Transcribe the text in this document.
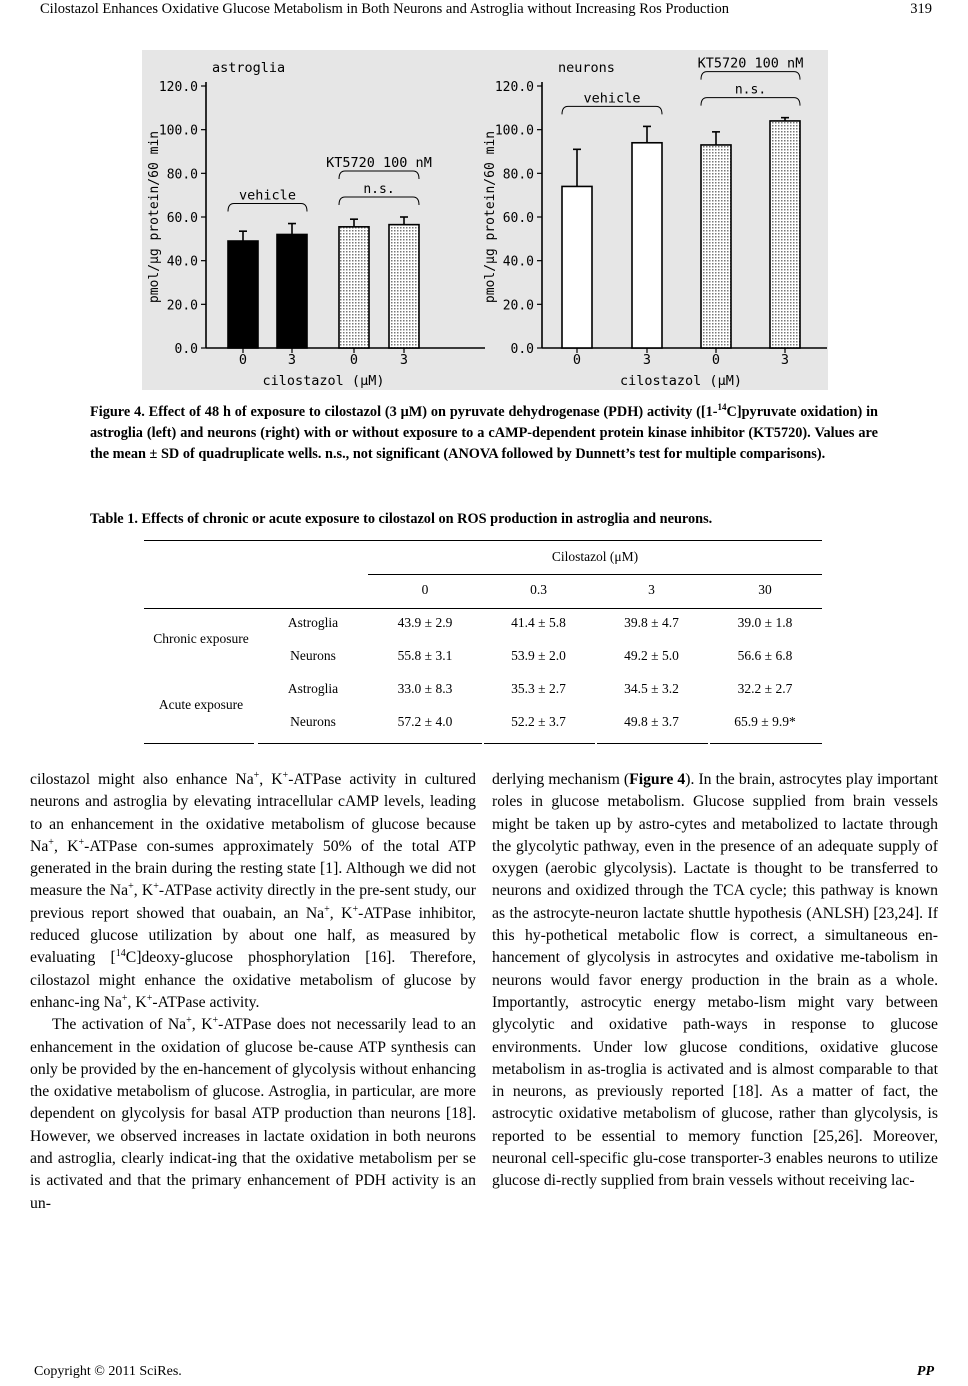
Cilostazol Enhances Oxidative Glucose Metabolism in Both Neurons and Astroglia without Increasing Ros Production	319
0.0
20.0
40.0
60.0
80.0
100.0
120.0
pmol/μg protein/60 min
astroglia
0	3	0	3
cilostazol (μM)
vehicle	n.s.
KT5720 100 nM
0.0
20.0
40.0
60.0
80.0
100.0
120.0
pmol/μg protein/60 min
neurons
0	3	0	3
cilostazol (μM)
vehicle
n.s.
KT5720 100 nM
Figure 4. Effect of 48 h of exposure to cilostazol (3 μM) on pyruvate dehydrogenase (PDH) activity ([1-$^{14}$C]pyruvate oxidation) in astroglia (left) and neurons (right) with or without exposure to a cAMP-dependent protein kinase inhibitor (KT5720). Values are the mean ± SD of quadruplicate wells. n.s., not significant (ANOVA followed by Dunnett’s test for multiple comparisons).
Table 1. Effects of chronic or acute exposure to cilostazol on ROS production in astroglia and neurons.
		Cilostazol (μM)			
		0	0.3	3	30
Chronic exposure	Astroglia	43.9 ± 2.9	41.4 ± 5.8	39.8 ± 4.7	39.0 ± 1.8
	Neurons	55.8 ± 3.1	53.9 ± 2.0	49.2 ± 5.0	56.6 ± 6.8
Acute exposure	Astroglia	33.0 ± 8.3	35.3 ± 2.7	34.5 ± 3.2	32.2 ± 2.7
	Neurons	57.2 ± 4.0	52.2 ± 3.7	49.8 ± 3.7	65.9 ± 9.9*

cilostazol might also enhance Na+, K+-ATPase activity in cultured neurons and astroglia by elevating intracellular cAMP levels, leading to an enhancement in the oxidative metabolism of glucose because Na+, K+-ATPase con-sumes approximately 50% of the total ATP generated in the brain during the resting state [1]. Although we did not measure the Na+, K+-ATPase activity directly in the pre-sent study, our previous report showed that ouabain, an Na+, K+-ATPase inhibitor, reduced glucose utilization by about one half, as measured by evaluating [$^{14}$C]deoxy-glucose phosphorylation [16]. Therefore, cilostazol might enhance the oxidative metabolism of glucose by enhanc-ing Na+, K+-ATPase activity.

The activation of Na+, K+-ATPase does not necessarily lead to an enhancement in the oxidation of glucose be-cause ATP synthesis can only be provided by the en-hancement of glycolysis without enhancing the oxidative metabolism of glucose. Astroglia, in particular, are more dependent on glycolysis for basal ATP production than neurons [18]. However, we observed increases in lactate oxidation in both neurons and astroglia, clearly indicat-ing that the oxidative metabolism per se is activated and that the primary enhancement of PDH activity is an un-

derlying mechanism (Figure 4). In the brain, astrocytes play important roles in glucose metabolism. Glucose supplied from brain vessels might be taken up by astro-cytes and metabolized to lactate through the glycolytic pathway, even in the presence of an adequate supply of oxygen (aerobic glycolysis). Lactate is thought to be transferred to neurons and oxidized through the TCA cycle; this pathway is known as the astrocyte-neuron lactate shuttle hypothesis (ANLSH) [23,24]. If this hy-pothetical metabolic flow is correct, a simultaneous en-hancement of glycolysis in astrocytes and oxidative me-tabolism in neurons would favor energy production in the brain as a whole. Importantly, astrocytic energy metabo-lism might vary between glycolytic and oxidative path-ways in response to glucose environments. Under low glucose conditions, oxidative glucose metabolism in as-troglia is activated and is almost comparable to that in neurons, as previously reported [18]. As a matter of fact, the astrocytic oxidative metabolism of glucose, rather than glycolysis, is reported to be essential to memory function [25,26]. Moreover, neuronal cell-specific glu-cose transporter-3 enables neurons to utilize glucose di-rectly supplied from brain vessels without receiving lac-

Copyright © 2011 SciRes.	PP
